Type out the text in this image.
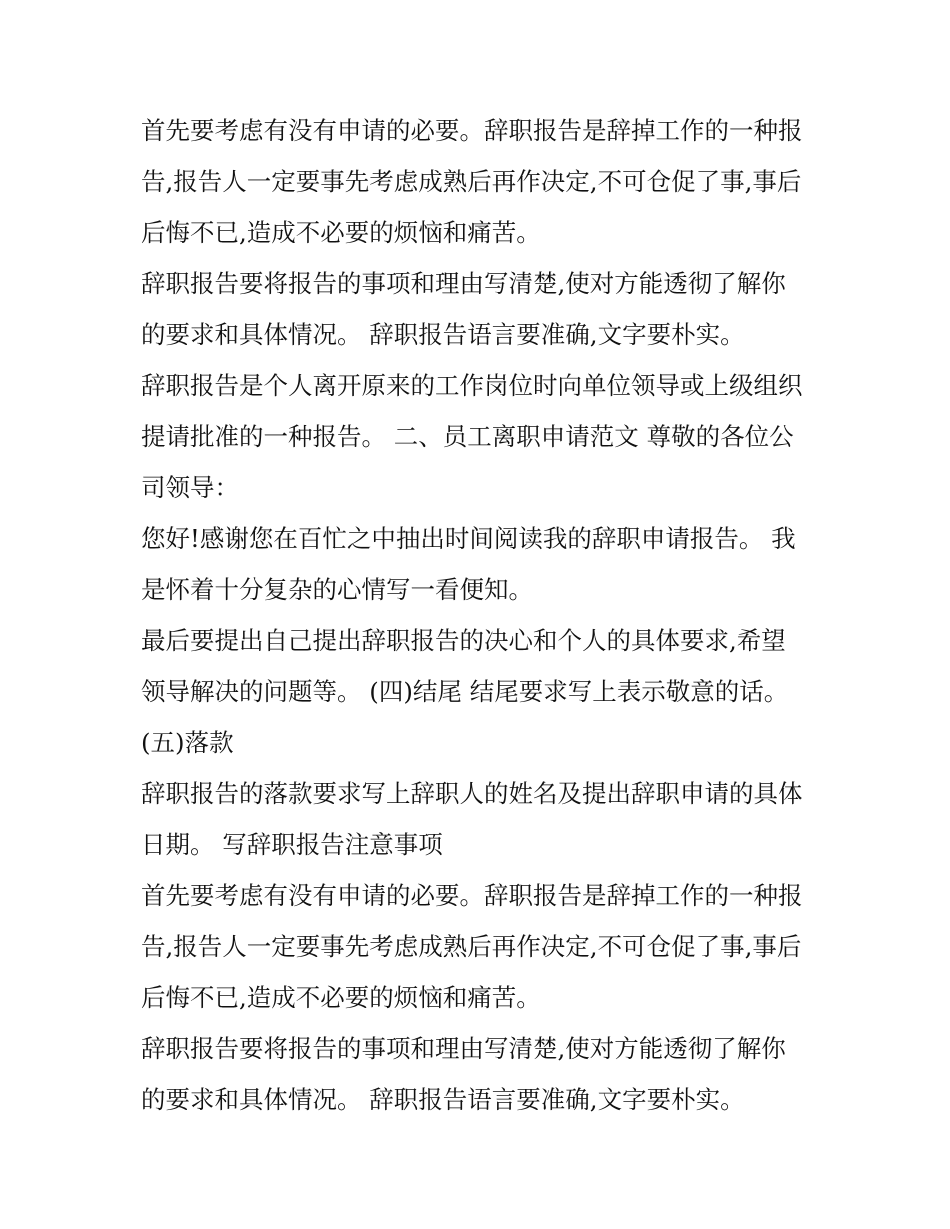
首先要考虑有没有申请的必要。辞职报告是辞掉工作的一种报
告,报告人一定要事先考虑成熟后再作决定,不可仓促了事,事后
后悔不已,造成不必要的烦恼和痛苦。
辞职报告要将报告的事项和理由写清楚,使对方能透彻了解你
的要求和具体情况。 辞职报告语言要准确,文字要朴实。
辞职报告是个人离开原来的工作岗位时向单位领导或上级组织
提请批准的一种报告。 二、员工离职申请范文 尊敬的各位公
司领导：
您好!感谢您在百忙之中抽出时间阅读我的辞职申请报告。 我
是怀着十分复杂的心情写一看便知。
最后要提出自己提出辞职报告的决心和个人的具体要求,希望
领导解决的问题等。 (四)结尾 结尾要求写上表示敬意的话。
(五)落款
辞职报告的落款要求写上辞职人的姓名及提出辞职申请的具体
日期。 写辞职报告注意事项
首先要考虑有没有申请的必要。辞职报告是辞掉工作的一种报
告,报告人一定要事先考虑成熟后再作决定,不可仓促了事,事后
后悔不已,造成不必要的烦恼和痛苦。
辞职报告要将报告的事项和理由写清楚,使对方能透彻了解你
的要求和具体情况。 辞职报告语言要准确,文字要朴实。
